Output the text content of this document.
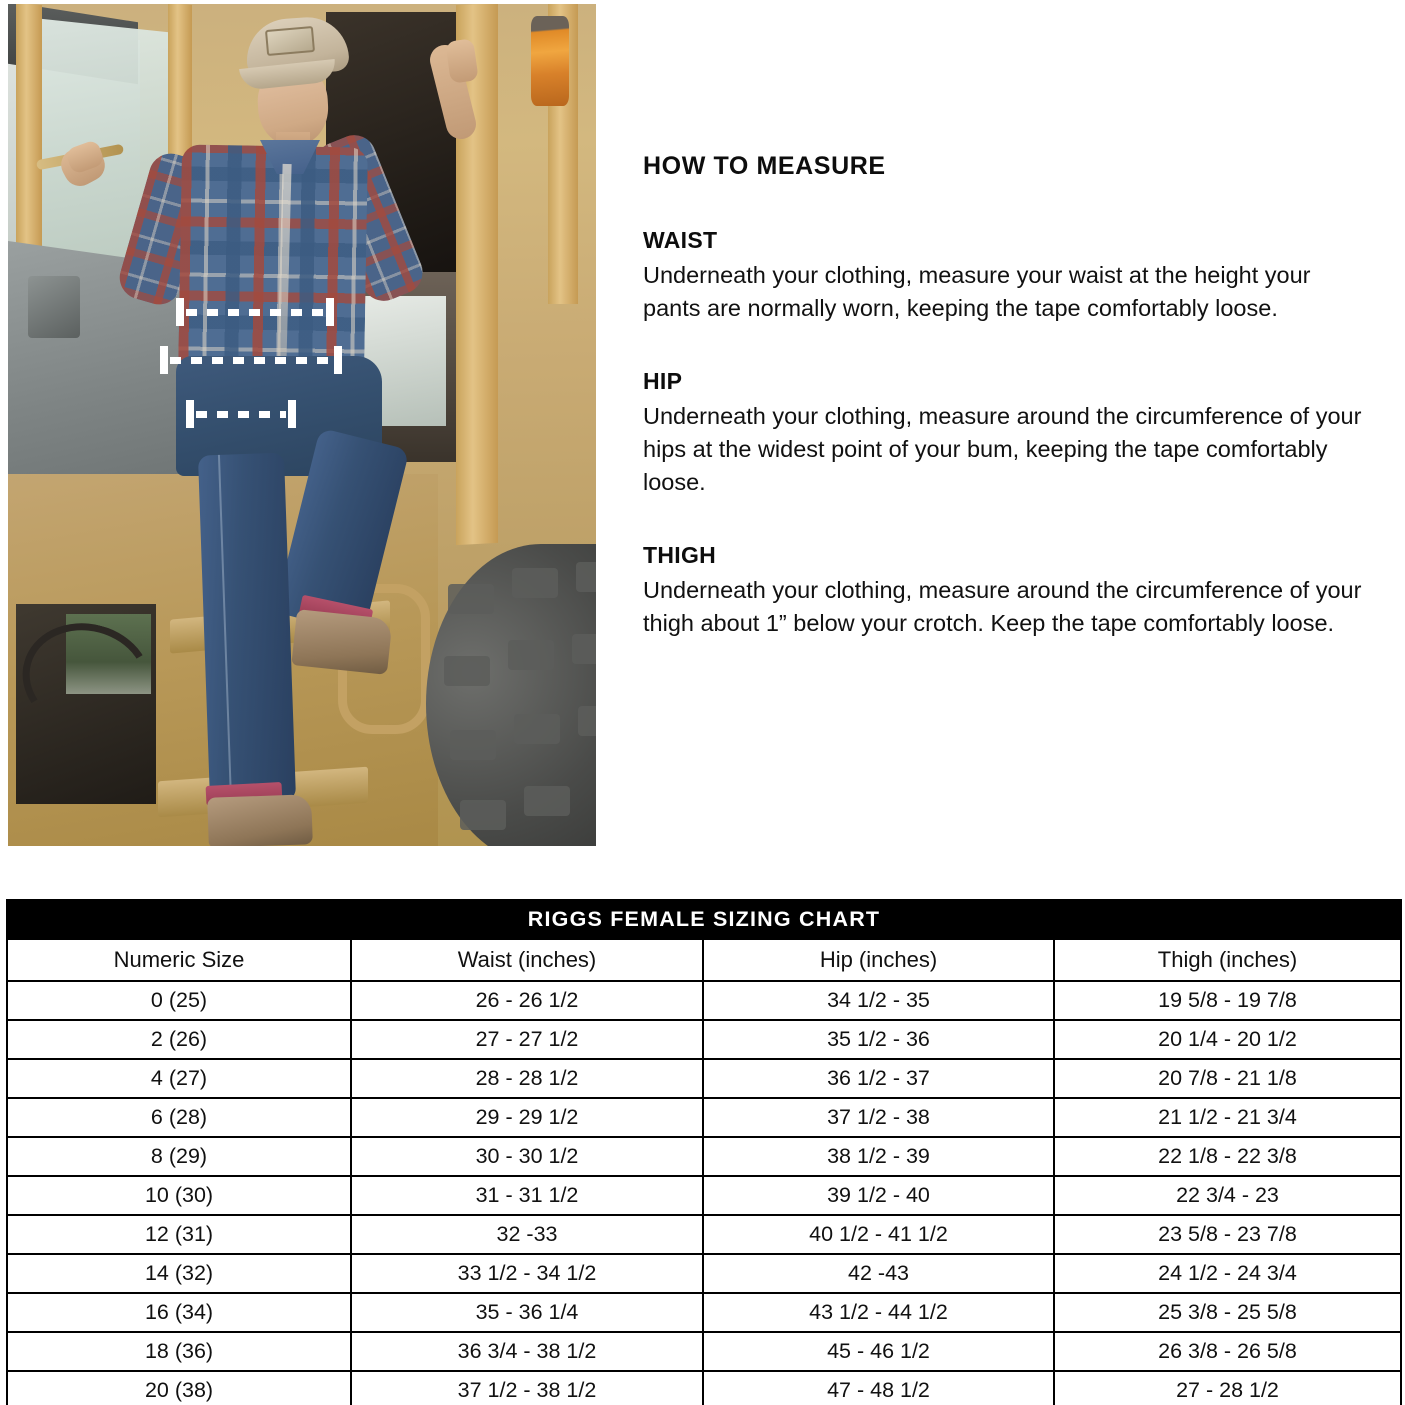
HOW TO MEASURE
WAIST
Underneath your clothing, measure your waist at the height your pants are normally worn, keeping the tape comfortably loose.
HIP
Underneath your clothing, measure around the circumference of your hips at the widest point of your bum, keeping the tape comfortably loose.
THIGH
Underneath your clothing, measure around the circumference of your thigh about 1” below your crotch. Keep the tape comfortably loose.
RIGGS FEMALE SIZING CHART			
Numeric Size	Waist (inches)	Hip (inches)	Thigh (inches)
0 (25)	26 - 26 1/2	34 1/2 - 35	19 5/8 - 19 7/8
2 (26)	27 - 27 1/2	35 1/2 - 36	20 1/4 - 20 1/2
4 (27)	28 - 28 1/2	36 1/2 - 37	20 7/8 - 21 1/8
6 (28)	29 - 29 1/2	37 1/2 - 38	21 1/2 - 21 3/4
8 (29)	30 - 30 1/2	38 1/2 - 39	22 1/8 - 22 3/8
10 (30)	31 - 31 1/2	39 1/2 - 40	22 3/4 - 23
12 (31)	32 -33	40 1/2 - 41 1/2	23 5/8 - 23 7/8
14 (32)	33 1/2 - 34 1/2	42 -43	24 1/2 - 24 3/4
16 (34)	35 - 36 1/4	43 1/2 - 44 1/2	25 3/8 - 25 5/8
18 (36)	36 3/4 - 38 1/2	45 - 46 1/2	26 3/8 - 26 5/8
20 (38)	37 1/2 - 38 1/2	47 - 48 1/2	27 - 28 1/2
